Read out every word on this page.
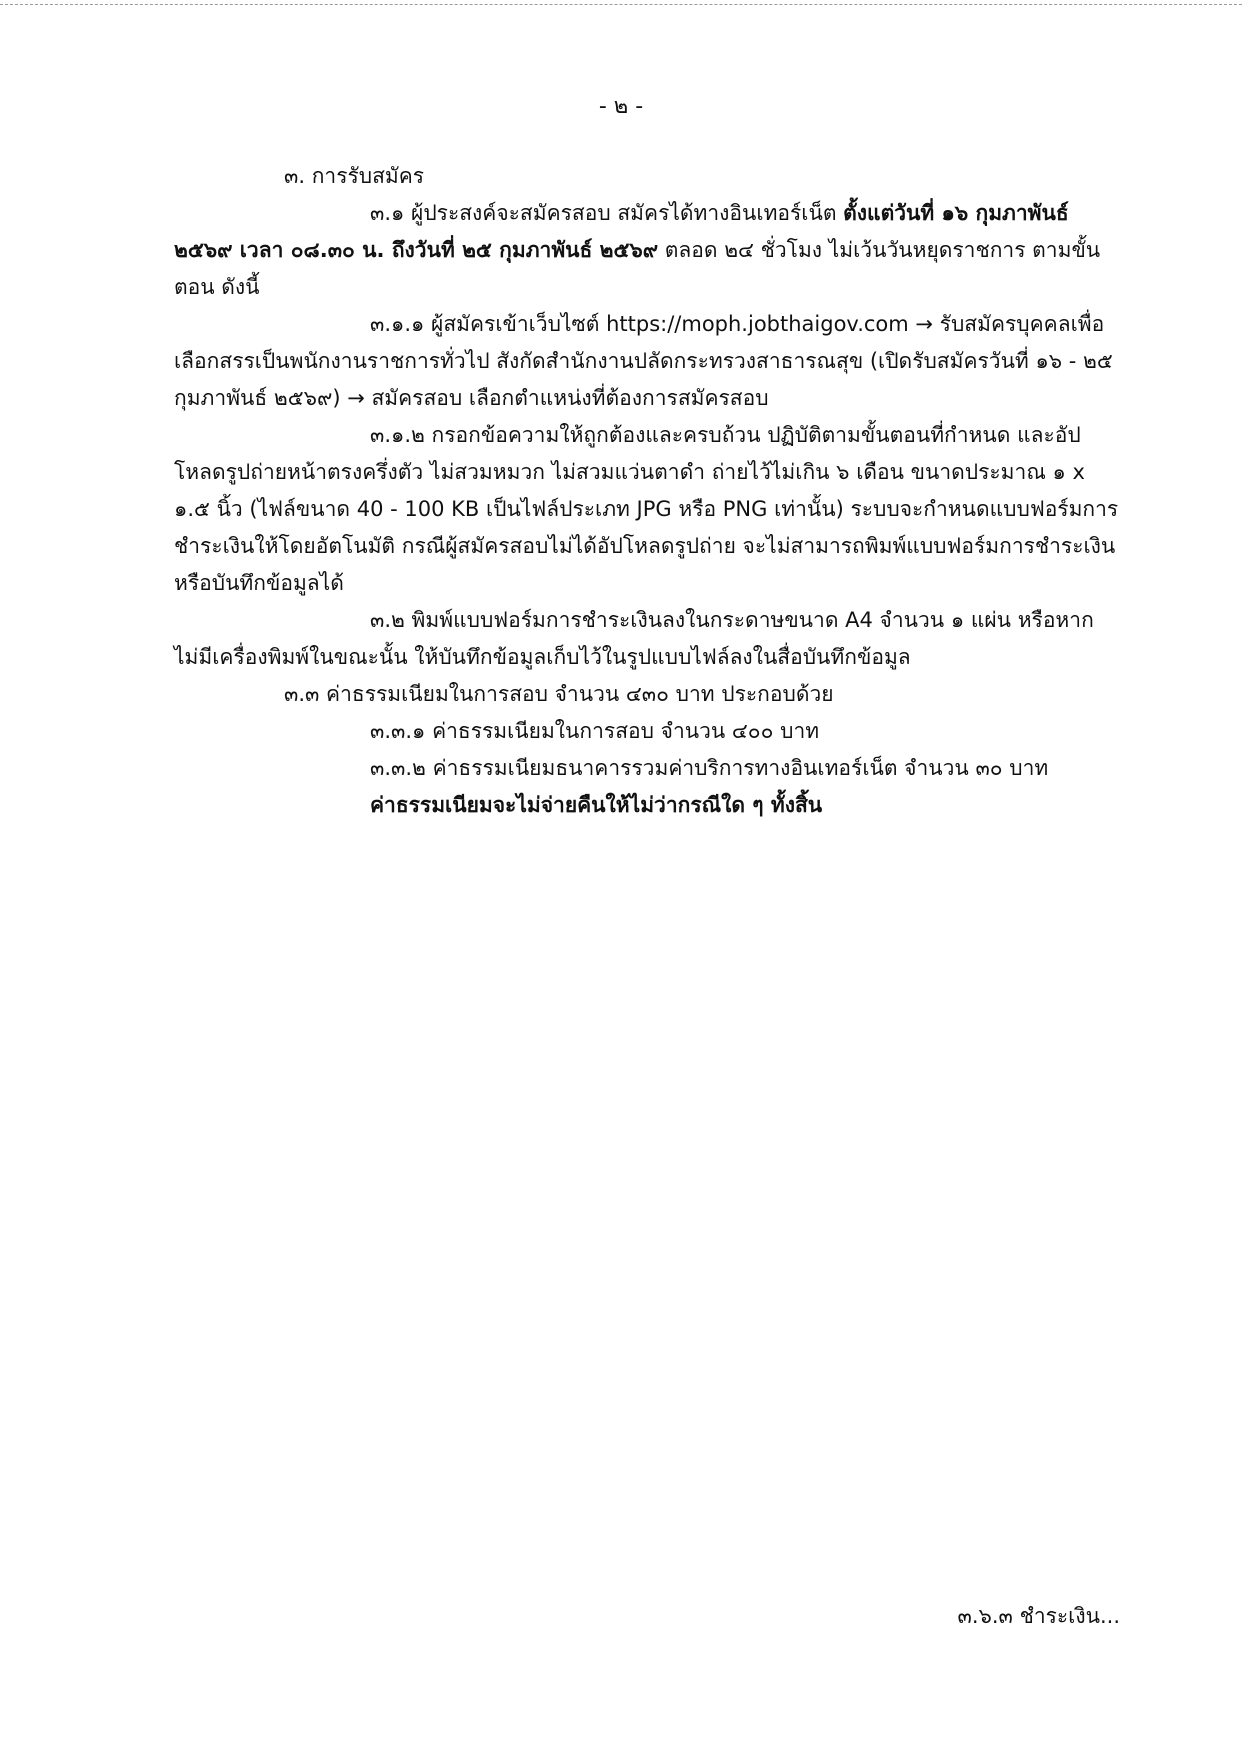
- ๒ -

๓. การรับสมัคร

๓.๑ ผู้ประสงค์จะสมัครสอบ สมัครได้ทางอินเทอร์เน็ต ตั้งแต่วันที่ ๑๖ กุมภาพันธ์ ๒๕๖๙ เวลา ๐๘.๓๐ น. ถึงวันที่ ๒๕ กุมภาพันธ์ ๒๕๖๙ ตลอด ๒๔ ชั่วโมง ไม่เว้นวันหยุดราชการ ตามขั้นตอน ดังนี้

๓.๑.๑ ผู้สมัครเข้าเว็บไซต์ https://moph.jobthaigov.com → รับสมัครบุคคลเพื่อเลือกสรรเป็นพนักงานราชการทั่วไป สังกัดสำนักงานปลัดกระทรวงสาธารณสุข (เปิดรับสมัครวันที่ ๑๖ - ๒๕ กุมภาพันธ์ ๒๕๖๙) → สมัครสอบ เลือกตำแหน่งที่ต้องการสมัครสอบ

๓.๑.๒ กรอกข้อความให้ถูกต้องและครบถ้วน ปฏิบัติตามขั้นตอนที่กำหนด และอัปโหลดรูปถ่ายหน้าตรงครึ่งตัว ไม่สวมหมวก ไม่สวมแว่นตาดำ ถ่ายไว้ไม่เกิน ๖ เดือน ขนาดประมาณ ๑ x ๑.๕ นิ้ว (ไฟล์ขนาด 40 - 100 KB เป็นไฟล์ประเภท JPG หรือ PNG เท่านั้น) ระบบจะกำหนดแบบฟอร์มการชำระเงินให้โดยอัตโนมัติ กรณีผู้สมัครสอบไม่ได้อัปโหลดรูปถ่าย จะไม่สามารถพิมพ์แบบฟอร์มการชำระเงินหรือบันทึกข้อมูลได้

๓.๒ พิมพ์แบบฟอร์มการชำระเงินลงในกระดาษขนาด A4 จำนวน ๑ แผ่น หรือหากไม่มีเครื่องพิมพ์ในขณะนั้น ให้บันทึกข้อมูลเก็บไว้ในรูปแบบไฟล์ลงในสื่อบันทึกข้อมูล

๓.๓ ค่าธรรมเนียมในการสอบ จำนวน ๔๓๐ บาท ประกอบด้วย

๓.๓.๑ ค่าธรรมเนียมในการสอบ จำนวน ๔๐๐ บาท

๓.๓.๒ ค่าธรรมเนียมธนาคารรวมค่าบริการทางอินเทอร์เน็ต จำนวน ๓๐ บาท

ค่าธรรมเนียมจะไม่จ่ายคืนให้ไม่ว่ากรณีใด ๆ ทั้งสิ้น

๓.๖.๓ ชำระเงิน...
